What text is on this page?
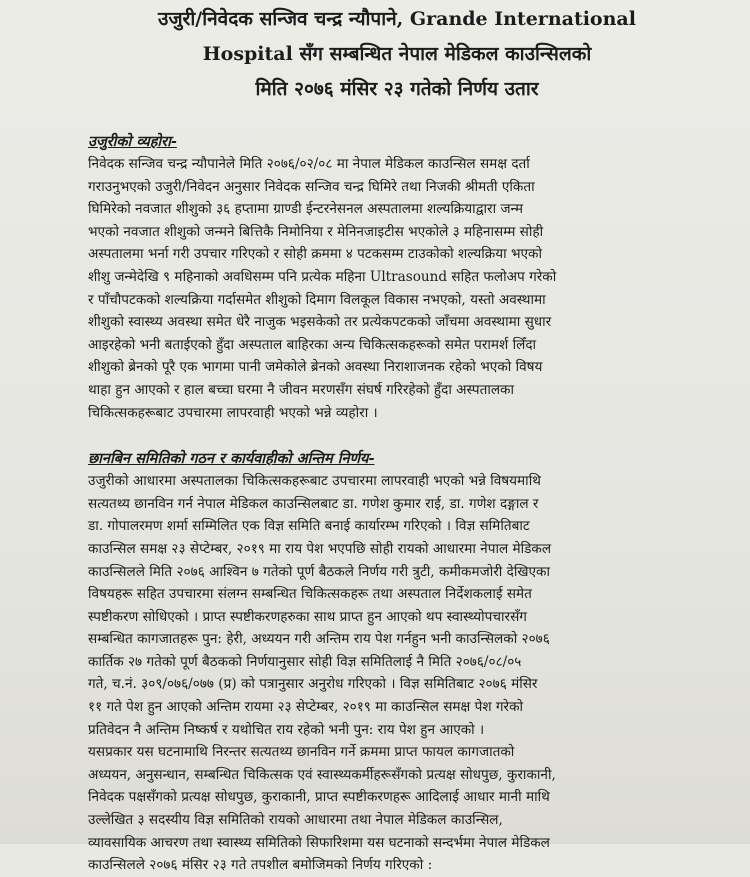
उजुरी/निवेदक सन्जिव चन्द्र न्यौपाने, Grande International
Hospital सँग सम्बन्धित नेपाल मेडिकल काउन्सिलको
मिति २०७६ मंसिर २३ गतेको निर्णय उतार
उजुरीको व्यहोरा-
निवेदक सन्जिव चन्द्र न्यौपानेले मिति २०७६/०२/०८ मा नेपाल मेडिकल काउन्सिल समक्ष दर्ता
गराउनुभएको उजुरी/निवेदन अनुसार निवेदक सन्जिव चन्द्र घिमिरे तथा निजकी श्रीमती एकिता
घिमिरेको नवजात शीशुको ३६ हप्तामा ग्राण्डी ईन्टरनेसनल अस्पतालमा शल्यक्रियाद्वारा जन्म
भएको नवजात शीशुको जन्मने बित्तिकै निमोनिया र मेनिनजाइटीस भएकोले ३ महिनासम्म सोही
अस्पतालमा भर्ना गरी उपचार गरिएको र सोही क्रममा ४ पटकसम्म टाउकोको शल्यक्रिया भएको
शीशु जन्मेदेखि ९ महिनाको अवधिसम्म पनि प्रत्येक महिना Ultrasound सहित फलोअप गरेको
र पाँचौपटकको शल्यक्रिया गर्दासमेत शीशुको दिमाग विलकूल विकास नभएको, यस्तो अवस्थामा
शीशुको स्वास्थ्य अवस्था समेत धेरै नाजुक भइसकेको तर प्रत्येकपटकको जाँचमा अवस्थामा सुधार
आइरहेको भनी बताईएको हुँदा अस्पताल बाहिरका अन्य चिकित्सकहरूको समेत परामर्श लिँदा
शीशुको ब्रेनको पूरै एक भागमा पानी जमेकोले ब्रेनको अवस्था निराशाजनक रहेको भएको विषय
थाहा हुन आएको र हाल बच्चा घरमा नै जीवन मरणसँग संघर्ष गरिरहेको हुँदा अस्पतालका
चिकित्सकहरूबाट उपचारमा लापरवाही भएको भन्ने व्यहोरा ।
छानबिन समितिको गठन र कार्यवाहीको अन्तिम निर्णय-
उजुरीको आधारमा अस्पतालका चिकित्सकहरूबाट उपचारमा लापरवाही भएको भन्ने विषयमाथि
सत्यतथ्य छानविन गर्न नेपाल मेडिकल काउन्सिलबाट डा. गणेश कुमार राई, डा. गणेश दङ्गाल र
डा. गोपालरमण शर्मा सम्मिलित एक विज्ञ समिति बनाई कार्यारम्भ गरिएको । विज्ञ समितिबाट
काउन्सिल समक्ष २३ सेप्टेम्बर, २०१९ मा राय पेश भएपछि सोही रायको आधारमा नेपाल मेडिकल
काउन्सिलले मिति २०७६ आश्विन ७ गतेको पूर्ण बैठकले निर्णय गरी त्रुटी, कमीकमजोरी देखिएका
विषयहरू सहित उपचारमा संलग्न सम्बन्धित चिकित्सकहरू तथा अस्पताल निर्देशकलाई समेत
स्पष्टीकरण सोधिएको । प्राप्त स्पष्टीकरणहरुका साथ प्राप्त हुन आएको थप स्वास्थ्योपचारसँग
सम्बन्धित कागजातहरू पुन: हेरी, अध्ययन गरी अन्तिम राय पेश गर्नहुन भनी काउन्सिलको २०७६
कार्तिक २७ गतेको पूर्ण बैठकको निर्णयानुसार सोही विज्ञ समितिलाई नै मिति २०७६/०८/०५
गते, च.नं. ३०९/०७६/०७७ (प्र) को पत्रानुसार अनुरोध गरिएको । विज्ञ समितिबाट २०७६ मंसिर
११ गते पेश हुन आएको अन्तिम रायमा २३ सेप्टेम्बर, २०१९ मा काउन्सिल समक्ष पेश गरेको
प्रतिवेदन नै अन्तिम निष्कर्ष र यथोचित राय रहेको भनी पुन: राय पेश हुन आएको ।
यसप्रकार यस घटनामाथि निरन्तर सत्यतथ्य छानविन गर्ने क्रममा प्राप्त फायल कागजातको
अध्ययन, अनुसन्धान, सम्बन्धित चिकित्सक एवं स्वास्थ्यकर्मीहरूसँगको प्रत्यक्ष सोधपुछ, कुराकानी,
निवेदक पक्षसँगको प्रत्यक्ष सोधपुछ, कुराकानी, प्राप्त स्पष्टीकरणहरू आदिलाई आधार मानी माथि
उल्लेखित ३ सदस्यीय विज्ञ समितिको रायको आधारमा तथा नेपाल मेडिकल काउन्सिल,
व्यावसायिक आचरण तथा स्वास्थ्य समितिको सिफारिशमा यस घटनाको सन्दर्भमा नेपाल मेडिकल
काउन्सिलले २०७६ मंसिर २३ गते तपशील बमोजिमको निर्णय गरिएको :
